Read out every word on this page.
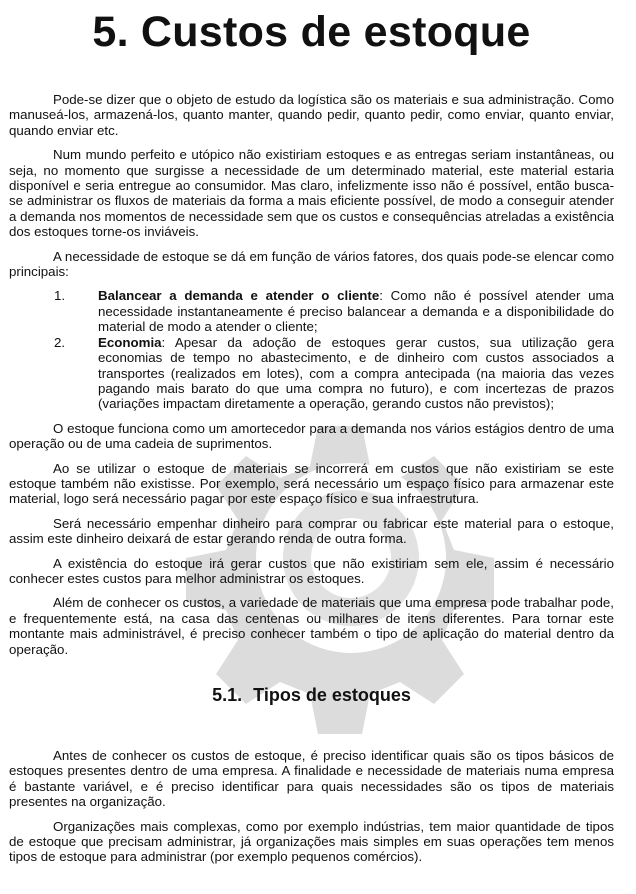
5. Custos de estoque

Pode-se dizer que o objeto de estudo da logística são os materiais e sua administração. Como manuseá-los, armazená-los, quanto manter, quando pedir, quanto pedir, como enviar, quanto enviar, quando enviar etc.

Num mundo perfeito e utópico não existiriam estoques e as entregas seriam instantâneas, ou seja, no momento que surgisse a necessidade de um determinado material, este material estaria disponível e seria entregue ao consumidor. Mas claro, infelizmente isso não é possível, então busca-se administrar os fluxos de materiais da forma a mais eficiente possível, de modo a conseguir atender a demanda nos momentos de necessidade sem que os custos e consequências atreladas a existência dos estoques torne-os inviáveis.

A necessidade de estoque se dá em função de vários fatores, dos quais pode-se elencar como principais:

1. Balancear a demanda e atender o cliente: Como não é possível atender uma necessidade instantaneamente é preciso balancear a demanda e a disponibilidade do material de modo a atender o cliente;
2. Economia: Apesar da adoção de estoques gerar custos, sua utilização gera economias de tempo no abastecimento, e de dinheiro com custos associados a transportes (realizados em lotes), com a compra antecipada (na maioria das vezes pagando mais barato do que uma compra no futuro), e com incertezas de prazos (variações impactam diretamente a operação, gerando custos não previstos);

O estoque funciona como um amortecedor para a demanda nos vários estágios dentro de uma operação ou de uma cadeia de suprimentos.

Ao se utilizar o estoque de materiais se incorrerá em custos que não existiriam se este estoque também não existisse. Por exemplo, será necessário um espaço físico para armazenar este material, logo será necessário pagar por este espaço físico e sua infraestrutura.

Será necessário empenhar dinheiro para comprar ou fabricar este material para o estoque, assim este dinheiro deixará de estar gerando renda de outra forma.

A existência do estoque irá gerar custos que não existiriam sem ele, assim é necessário conhecer estes custos para melhor administrar os estoques.

Além de conhecer os custos, a variedade de materiais que uma empresa pode trabalhar pode, e frequentemente está, na casa das centenas ou milhares de itens diferentes. Para tornar este montante mais administrável, é preciso conhecer também o tipo de aplicação do material dentro da operação.

5.1. Tipos de estoques

Antes de conhecer os custos de estoque, é preciso identificar quais são os tipos básicos de estoques presentes dentro de uma empresa. A finalidade e necessidade de materiais numa empresa é bastante variável, e é preciso identificar para quais necessidades são os tipos de materiais presentes na organização.

Organizações mais complexas, como por exemplo indústrias, tem maior quantidade de tipos de estoque que precisam administrar, já organizações mais simples em suas operações tem menos tipos de estoque para administrar (por exemplo pequenos comércios).
